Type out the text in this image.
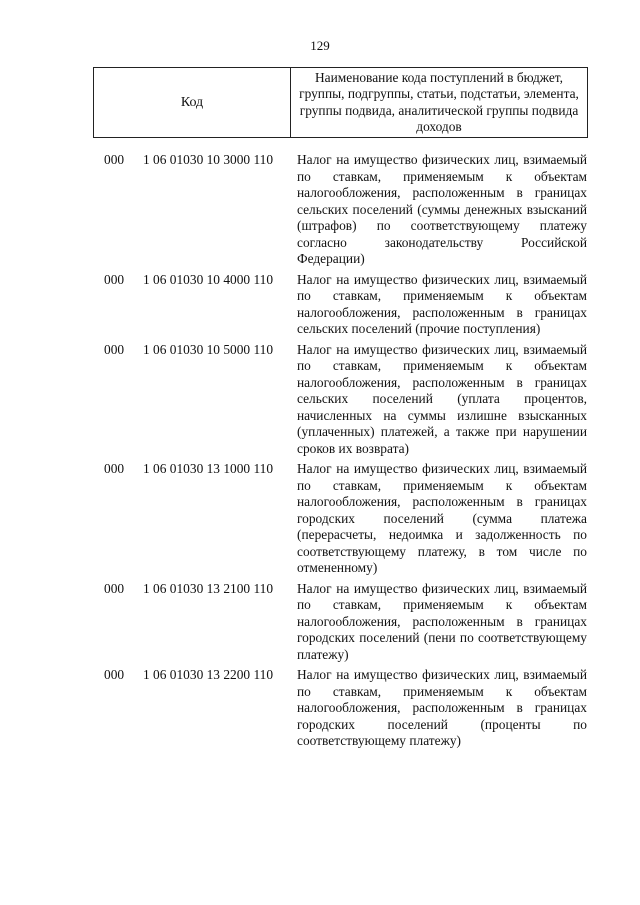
129
Код
Наименование кода поступлений в бюджет, группы, подгруппы, статьи, подстатьи, элемента, группы подвида, аналитической группы подвида доходов
000 1 06 01030 10 3000 110 Налог на имущество физических лиц, взимаемый по ставкам, применяемым к объектам налогообложения, расположенным в границах сельских поселений (суммы денежных взысканий (штрафов) по соответствующему платежу согласно законодательству Российской Федерации)
000 1 06 01030 10 4000 110 Налог на имущество физических лиц, взимаемый по ставкам, применяемым к объектам налогообложения, расположенным в границах сельских поселений (прочие поступления)
000 1 06 01030 10 5000 110 Налог на имущество физических лиц, взимаемый по ставкам, применяемым к объектам налогообложения, расположенным в границах сельских поселений (уплата процентов, начисленных на суммы излишне взысканных (уплаченных) платежей, а также при нарушении сроков их возврата)
000 1 06 01030 13 1000 110 Налог на имущество физических лиц, взимаемый по ставкам, применяемым к объектам налогообложения, расположенным в границах городских поселений (сумма платежа (перерасчеты, недоимка и задолженность по соответствующему платежу, в том числе по отмененному)
000 1 06 01030 13 2100 110 Налог на имущество физических лиц, взимаемый по ставкам, применяемым к объектам налогообложения, расположенным в границах городских поселений (пени по соответствующему платежу)
000 1 06 01030 13 2200 110 Налог на имущество физических лиц, взимаемый по ставкам, применяемым к объектам налогообложения, расположенным в границах городских поселений (проценты по соответствующему платежу)
